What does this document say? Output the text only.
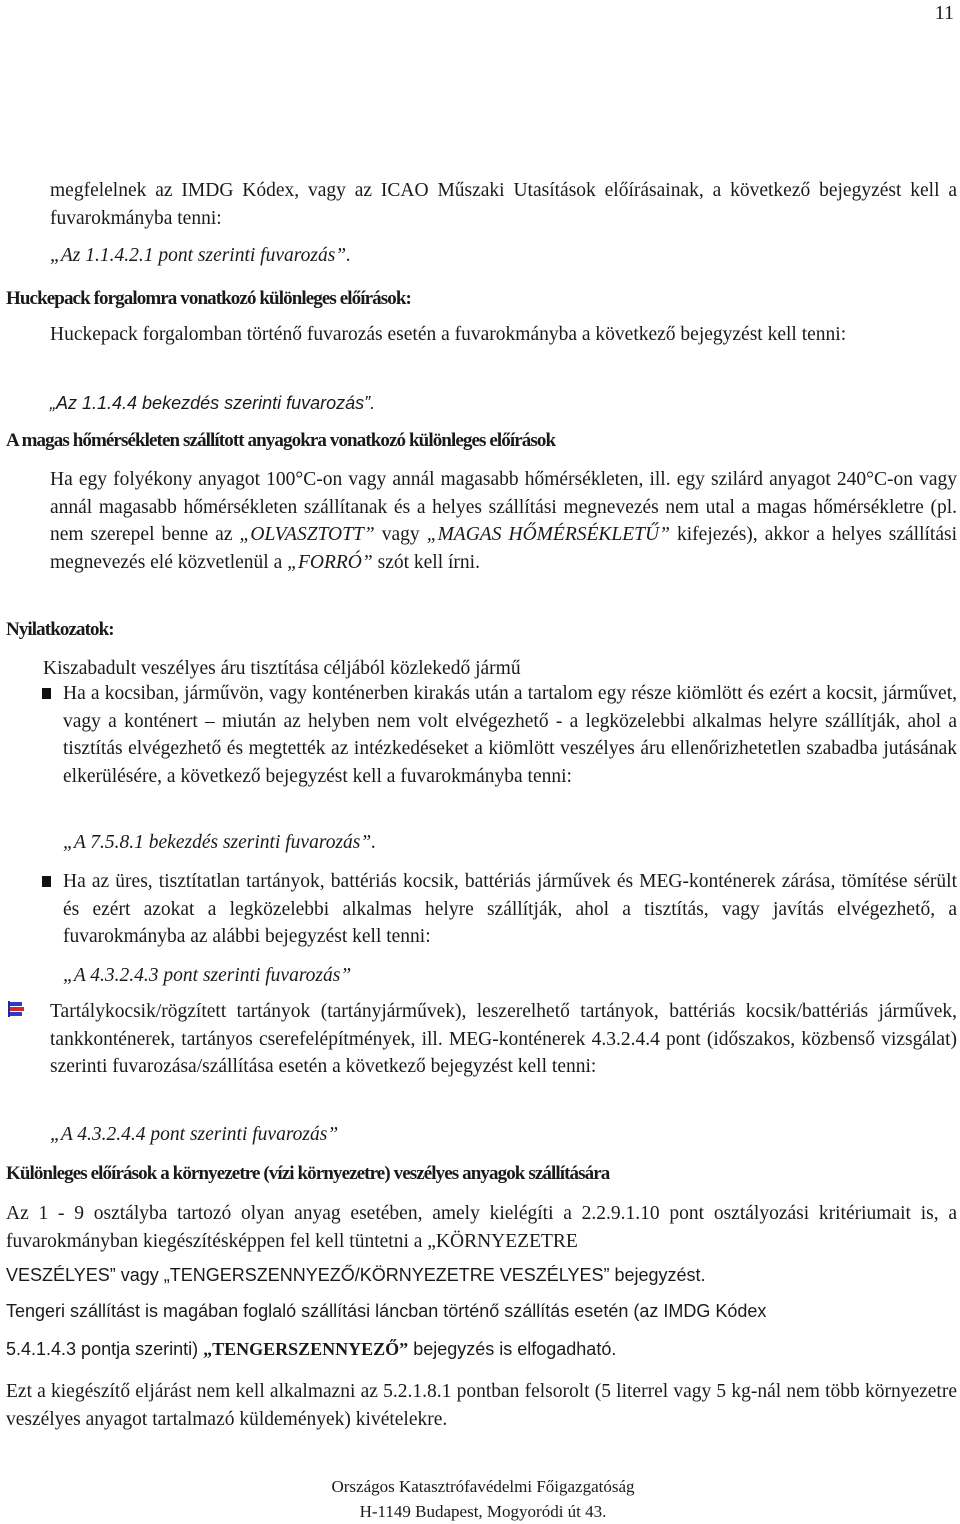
11

megfelelnek az IMDG Kódex, vagy az ICAO Műszaki Utasítások előírásainak, a következő bejegyzést kell a fuvarokmányba tenni:

„Az 1.1.4.2.1 pont szerinti fuvarozás”.

Huckepack forgalomra vonatkozó különleges előírások:

Huckepack forgalomban történő fuvarozás esetén a fuvarokmányba a következő bejegyzést kell tenni:

„Az 1.1.4.4 bekezdés szerinti fuvarozás”.

A magas hőmérsékleten szállított anyagokra vonatkozó különleges előírások

Ha egy folyékony anyagot 100°C-on vagy annál magasabb hőmérsékleten, ill. egy szilárd anyagot 240°C-on vagy annál magasabb hőmérsékleten szállítanak és a helyes szállítási megnevezés nem utal a magas hőmérsékletre (pl. nem szerepel benne az „OLVASZTOTT” vagy „MAGAS HŐMÉRSÉKLETŰ” kifejezés), akkor a helyes szállítási megnevezés elé közvetlenül a „FORRÓ” szót kell írni.

Nyilatkozatok:

Kiszabadult veszélyes áru tisztítása céljából közlekedő jármű

Ha a kocsiban, járművön, vagy konténerben kirakás után a tartalom egy része kiömlött és ezért a kocsit, járművet, vagy a konténert – miután az helyben nem volt elvégezhető - a legközelebbi alkalmas helyre szállítják, ahol a tisztítás elvégezhető és megtették az intézkedéseket a kiömlött veszélyes áru ellenőrizhetetlen szabadba jutásának elkerülésére, a következő bejegyzést kell a fuvarokmányba tenni:

„A 7.5.8.1 bekezdés szerinti fuvarozás”.

Ha az üres, tisztítatlan tartányok, battériás kocsik, battériás járművek és MEG-konténerek zárása, tömítése sérült és ezért azokat a legközelebbi alkalmas helyre szállítják, ahol a tisztítás, vagy javítás elvégezhető, a fuvarokmányba az alábbi bejegyzést kell tenni:

„A 4.3.2.4.3 pont szerinti fuvarozás”

Tartálykocsik/rögzített tartányok (tartányjárművek), leszerelhető tartányok, battériás kocsik/battériás járművek, tankkonténerek, tartányos cserefelépítmények, ill. MEG-konténerek 4.3.2.4.4 pont (időszakos, közbenső vizsgálat) szerinti fuvarozása/szállítása esetén a következő bejegyzést kell tenni:

„A 4.3.2.4.4 pont szerinti fuvarozás”

Különleges előírások a környezetre (vízi környezetre) veszélyes anyagok szállítására

Az 1 - 9 osztályba tartozó olyan anyag esetében, amely kielégíti a 2.2.9.1.10 pont osztályozási kritériumait is, a fuvarokmányban kiegészítésképpen fel kell tüntetni a „KÖRNYEZETRE

VESZÉLYES” vagy „TENGERSZENNYEZŐ/KÖRNYEZETRE VESZÉLYES” bejegyzést.

Tengeri szállítást is magában foglaló szállítási láncban történő szállítás esetén (az IMDG Kódex

5.4.1.4.3 pontja szerinti) „TENGERSZENNYEZŐ” bejegyzés is elfogadható.

Ezt a kiegészítő eljárást nem kell alkalmazni az 5.2.1.8.1 pontban felsorolt (5 literrel vagy 5 kg-nál nem több környezetre veszélyes anyagot tartalmazó küldemények) kivételekre.

Országos Katasztrófavédelmi Főigazgatóság
H-1149 Budapest, Mogyoródi út 43.
